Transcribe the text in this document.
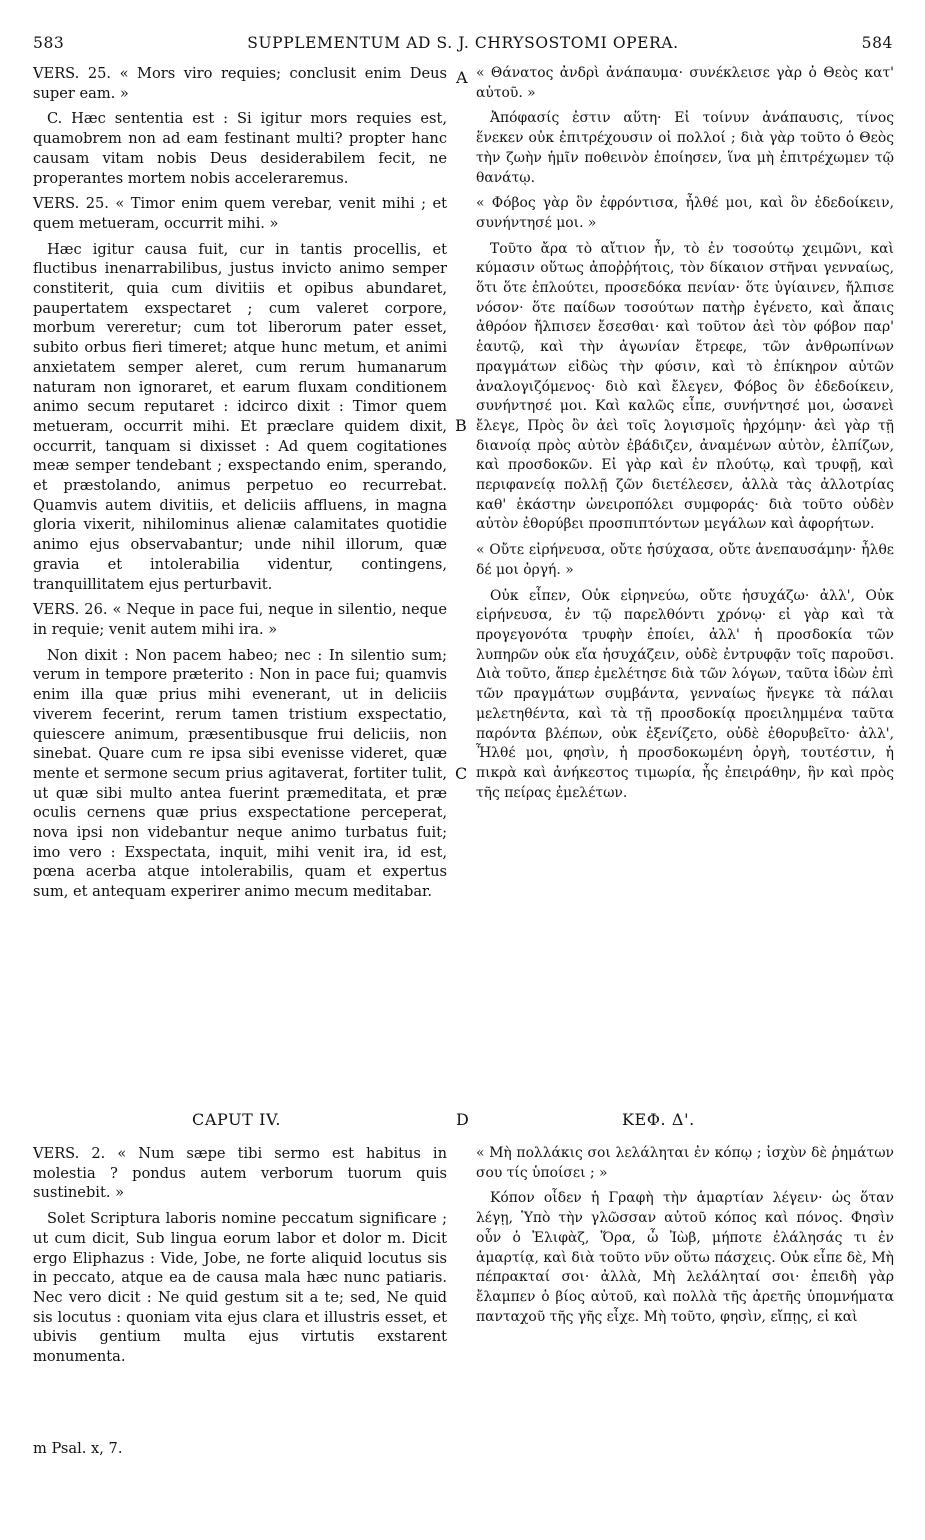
583	SUPPLEMENTUM AD S. J. CHRYSOSTOMI OPERA.	584

VERS. 25. « Mors viro requies; conclusit enim Deus super eam. »

C. Hæc sententia est : Si igitur mors requies est, quamobrem non ad eam festinant multi? propter hanc causam vitam nobis Deus desiderabilem fecit, ne properantes mortem nobis acceleraremus.

VERS. 25. « Timor enim quem verebar, venit mihi ; et quem metueram, occurrit mihi. »

Hæc igitur causa fuit, cur in tantis procellis, et fluctibus inenarrabilibus, justus invicto animo semper constiterit, quia cum divitiis et opibus abundaret, paupertatem exspectaret ; cum valeret corpore, morbum vereretur; cum tot liberorum pater esset, subito orbus fieri timeret; atque hunc metum, et animi anxietatem semper aleret, cum rerum humanarum naturam non ignoraret, et earum fluxam conditionem animo secum reputaret : idcirco dixit : Timor quem metueram, occurrit mihi. Et præclare quidem dixit, occurrit, tanquam si dixisset : Ad quem cogitationes meæ semper tendebant ; exspectando enim, sperando, et præstolando, animus perpetuo eo recurrebat. Quamvis autem divitiis, et deliciis affluens, in magna gloria vixerit, nihilominus alienæ calamitates quotidie animo ejus observabantur; unde nihil illorum, quæ gravia et intolerabilia videntur, contingens, tranquillitatem ejus perturbavit.

VERS. 26. « Neque in pace fui, neque in silentio, neque in requie; venit autem mihi ira. »

Non dixit : Non pacem habeo; nec : In silentio sum; verum in tempore præterito : Non in pace fui; quamvis enim illa quæ prius mihi evenerant, ut in deliciis viverem fecerint, rerum tamen tristium exspectatio, quiescere animum, præsentibusque frui deliciis, non sinebat. Quare cum re ipsa sibi evenisse videret, quæ mente et sermone secum prius agitaverat, fortiter tulit, ut quæ sibi multo antea fuerint præmeditata, et præ oculis cernens quæ prius exspectatione perceperat, nova ipsi non videbantur neque animo turbatus fuit; imo vero : Exspectata, inquit, mihi venit ira, id est, pœna acerba atque intolerabilis, quam et expertus sum, et antequam experirer animo mecum meditabar.

« Θάνατος ἀνδρὶ ἀνάπαυμα· συνέκλεισε γὰρ ὁ Θεὸς κατ' αὐτοῦ. »

Ἀπόφασίς ἐστιν αὕτη· Εἰ τοίνυν ἀνάπαυσις, τίνος ἕνεκεν οὐκ ἐπιτρέχουσιν οἱ πολλοί ; διὰ γὰρ τοῦτο ὁ Θεὸς τὴν ζωὴν ἡμῖν ποθεινὸν ἐποίησεν, ἵνα μὴ ἐπιτρέχωμεν τῷ θανάτῳ.

« Φόβος γὰρ ὃν ἐφρόντισα, ἦλθέ μοι, καὶ ὃν ἐδεδοίκειν, συνήντησέ μοι. »

Τοῦτο ἄρα τὸ αἴτιον ἦν, τὸ ἐν τοσούτῳ χειμῶνι, καὶ κύμασιν οὕτως ἀποῤῥήτοις, τὸν δίκαιον στῆναι γενναίως, ὅτι ὅτε ἐπλούτει, προσεδόκα πενίαν· ὅτε ὑγίαινεν, ἤλπισε νόσον· ὅτε παίδων τοσούτων πατὴρ ἐγένετο, καὶ ἄπαις ἀθρόον ἤλπισεν ἔσεσθαι· καὶ τοῦτον ἀεὶ τὸν φόβον παρ' ἑαυτῷ, καὶ τὴν ἀγωνίαν ἔτρεφε, τῶν ἀνθρωπίνων πραγμάτων εἰδὼς τὴν φύσιν, καὶ τὸ ἐπίκηρον αὐτῶν ἀναλογιζόμενος· διὸ καὶ ἔλεγεν, Φόβος ὃν ἐδεδοίκειν, συνήντησέ μοι. Καὶ καλῶς εἶπε, συνήντησέ μοι, ὡσανεὶ ἔλεγε, Πρὸς ὃν ἀεὶ τοῖς λογισμοῖς ἠρχόμην· ἀεὶ γὰρ τῇ διανοίᾳ πρὸς αὐτὸν ἐβάδιζεν, ἀναμένων αὐτὸν, ἐλπίζων, καὶ προσδοκῶν. Εἰ γὰρ καὶ ἐν πλούτῳ, καὶ τρυφῇ, καὶ περιφανείᾳ πολλῇ ζῶν διετέλεσεν, ἀλλὰ τὰς ἀλλοτρίας καθ' ἑκάστην ὠνειροπόλει συμφοράς· διὰ τοῦτο οὐδὲν αὐτὸν ἐθορύβει προσπιπτόντων μεγάλων καὶ ἀφορήτων.

« Οὔτε εἰρήνευσα, οὔτε ἡσύχασα, οὔτε ἀνεπαυσάμην· ἦλθε δέ μοι ὀργή. »

Οὐκ εἶπεν, Οὐκ εἰρηνεύω, οὔτε ἡσυχάζω· ἀλλ', Οὐκ εἰρήνευσα, ἐν τῷ παρελθόντι χρόνῳ· εἰ γὰρ καὶ τὰ προγεγονότα τρυφὴν ἐποίει, ἀλλ' ἡ προσδοκία τῶν λυπηρῶν οὐκ εἴα ἡσυχάζειν, οὐδὲ ἐντρυφᾷν τοῖς παροῦσι. Διὰ τοῦτο, ἅπερ ἐμελέτησε διὰ τῶν λόγων, ταῦτα ἰδὼν ἐπὶ τῶν πραγμάτων συμβάντα, γενναίως ἤνεγκε τὰ πάλαι μελετηθέντα, καὶ τὰ τῇ προσδοκίᾳ προειλημμένα ταῦτα παρόντα βλέπων, οὐκ ἐξενίζετο, οὐδὲ ἐθορυβεῖτο· ἀλλ', Ἦλθέ μοι, φησὶν, ἡ προσδοκωμένη ὀργὴ, τουτέστιν, ἡ πικρὰ καὶ ἀνήκεστος τιμωρία, ἧς ἐπειράθην, ἣν καὶ πρὸς τῆς πείρας ἐμελέτων.

A
B
C
D
CAPUT IV.	ΚΕΦ. Δ'.

VERS. 2. « Num sæpe tibi sermo est habitus in molestia ? pondus autem verborum tuorum quis sustinebit. »

Solet Scriptura laboris nomine peccatum significare ; ut cum dicit, Sub lingua eorum labor et dolor m. Dicit ergo Eliphazus : Vide, Jobe, ne forte aliquid locutus sis in peccato, atque ea de causa mala hæc nunc patiaris. Nec vero dicit : Ne quid gestum sit a te; sed, Ne quid sis locutus : quoniam vita ejus clara et illustris esset, et ubivis gentium multa ejus virtutis exstarent monumenta.

« Μὴ πολλάκις σοι λελάληται ἐν κόπῳ ; ἰσχὺν δὲ ῥημάτων σου τίς ὑποίσει ; »

Κόπον οἶδεν ἡ Γραφὴ τὴν ἁμαρτίαν λέγειν· ὡς ὅταν λέγῃ, Ὑπὸ τὴν γλῶσσαν αὐτοῦ κόπος καὶ πόνος. Φησὶν οὖν ὁ Ἐλιφὰζ, Ὅρα, ὦ Ἰὼβ, μήποτε ἐλάλησάς τι ἐν ἁμαρτίᾳ, καὶ διὰ τοῦτο νῦν οὕτω πάσχεις. Οὐκ εἶπε δὲ, Μὴ πέπρακταί σοι· ἀλλὰ, Μὴ λελάληταί σοι· ἐπειδὴ γὰρ ἔλαμπεν ὁ βίος αὐτοῦ, καὶ πολλὰ τῆς ἀρετῆς ὑπομνήματα πανταχοῦ τῆς γῆς εἶχε. Μὴ τοῦτο, φησὶν, εἴπῃς, εἰ καὶ

m Psal. x, 7.
